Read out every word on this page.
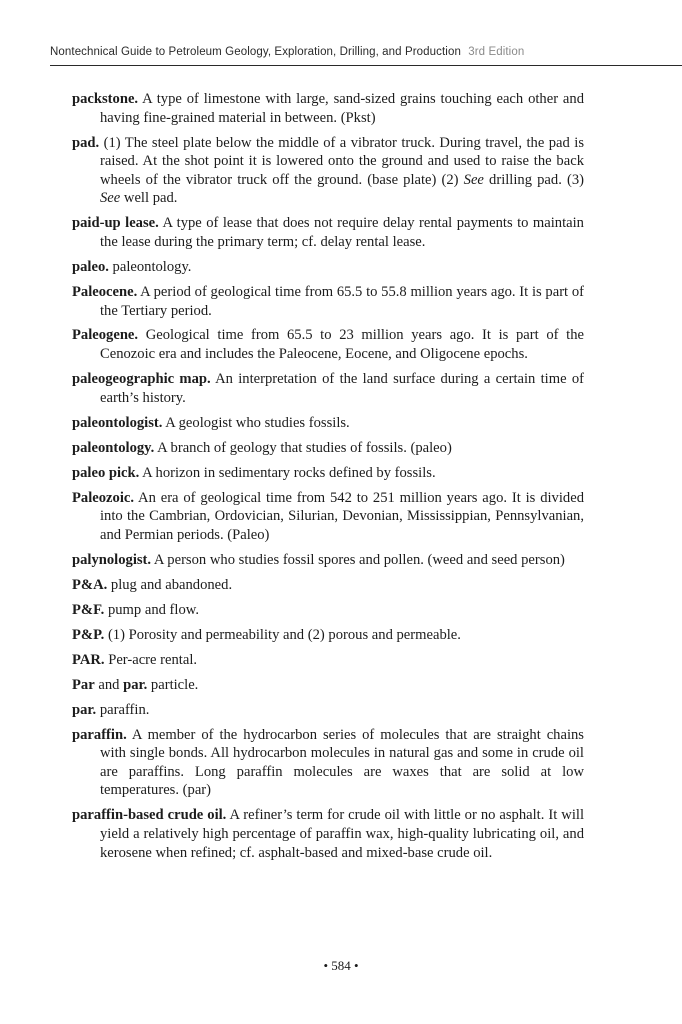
Nontechnical Guide to Petroleum Geology, Exploration, Drilling, and Production 3rd Edition

packstone. A type of limestone with large, sand-sized grains touching each other and having fine-grained material in between. (Pkst)

pad. (1) The steel plate below the middle of a vibrator truck. During travel, the pad is raised. At the shot point it is lowered onto the ground and used to raise the back wheels of the vibrator truck off the ground. (base plate) (2) See drilling pad. (3) See well pad.

paid-up lease. A type of lease that does not require delay rental payments to maintain the lease during the primary term; cf. delay rental lease.

paleo. paleontology.

Paleocene. A period of geological time from 65.5 to 55.8 million years ago. It is part of the Tertiary period.

Paleogene. Geological time from 65.5 to 23 million years ago. It is part of the Cenozoic era and includes the Paleocene, Eocene, and Oligocene epochs.

paleogeographic map. An interpretation of the land surface during a certain time of earth’s history.

paleontologist. A geologist who studies fossils.

paleontology. A branch of geology that studies of fossils. (paleo)

paleo pick. A horizon in sedimentary rocks defined by fossils.

Paleozoic. An era of geological time from 542 to 251 million years ago. It is divided into the Cambrian, Ordovician, Silurian, Devonian, Mississippian, Pennsylvanian, and Permian periods. (Paleo)

palynologist. A person who studies fossil spores and pollen. (weed and seed person)

P&A. plug and abandoned.

P&F. pump and flow.

P&P. (1) Porosity and permeability and (2) porous and permeable.

PAR. Per-acre rental.

Par and par. particle.

par. paraffin.

paraffin. A member of the hydrocarbon series of molecules that are straight chains with single bonds. All hydrocarbon molecules in natural gas and some in crude oil are paraffins. Long paraffin molecules are waxes that are solid at low temperatures. (par)

paraffin-based crude oil. A refiner’s term for crude oil with little or no asphalt. It will yield a relatively high percentage of paraffin wax, high-quality lubricating oil, and kerosene when refined; cf. asphalt-based and mixed-base crude oil.

• 584 •
